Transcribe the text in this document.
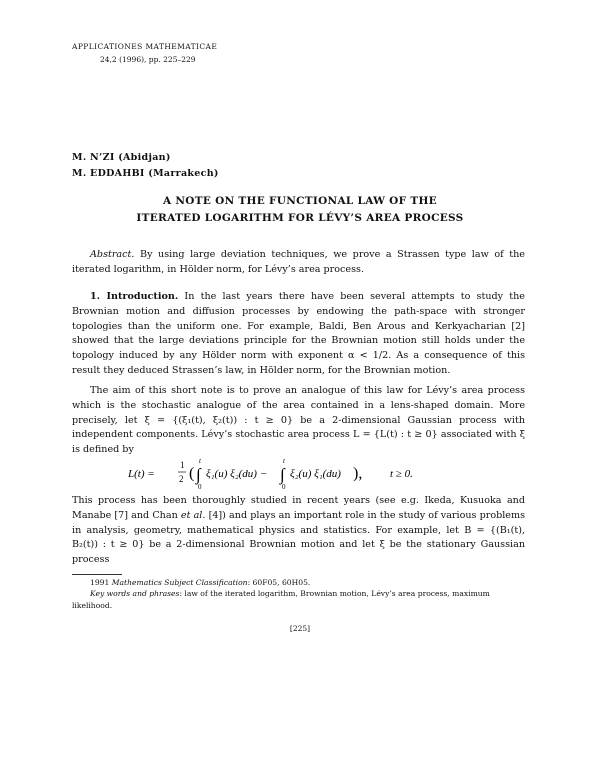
APPLICATIONES MATHEMATICAE
24,2 (1996), pp. 225–229
M. N’ZI (Abidjan)
M. EDDAHBI (Marrakech)
A NOTE ON THE FUNCTIONAL LAW OF THE
ITERATED LOGARITHM FOR LÉVY’S AREA PROCESS

Abstract. By using large deviation techniques, we prove a Strassen type law of the iterated logarithm, in Hölder norm, for Lévy’s area process.

1. Introduction. In the last years there have been several attempts to study the Brownian motion and diffusion processes by endowing the path-space with stronger topologies than the uniform one. For example, Baldi, Ben Arous and Kerkyacharian [2] showed that the large deviations principle for the Brownian motion still holds under the topology induced by any Hölder norm with exponent α < 1/2. As a consequence of this result they deduced Strassen’s law, in Hölder norm, for the Brownian motion.

The aim of this short note is to prove an analogue of this law for Lévy’s area process which is the stochastic analogue of the area contained in a lens-shaped domain. More precisely, let ξ = {(ξ₁(t), ξ₂(t)) : t ≥ 0} be a 2-dimensional Gaussian process with independent components. Lévy’s stochastic area process L = {L(t) : t ≥ 0} associated with ξ is defined by

L(t) =
1
2 (
t
∫
0
ξ₁(u) ξ₂(du) −
t
∫
0
ξ₂(u) ξ₁(du) ),	t ≥ 0.

This process has been thoroughly studied in recent years (see e.g. Ikeda, Kusuoka and Manabe [7] and Chan et al. [4]) and plays an important role in the study of various problems in analysis, geometry, mathematical physics and statistics. For example, let B = {(B₁(t), B₂(t)) : t ≥ 0} be a 2-dimensional Brownian motion and let ξ be the stationary Gaussian process

1991 Mathematics Subject Classification: 60F05, 60H05.

Key words and phrases: law of the iterated logarithm, Brownian motion, Lévy’s area process, maximum likelihood.

[225]
